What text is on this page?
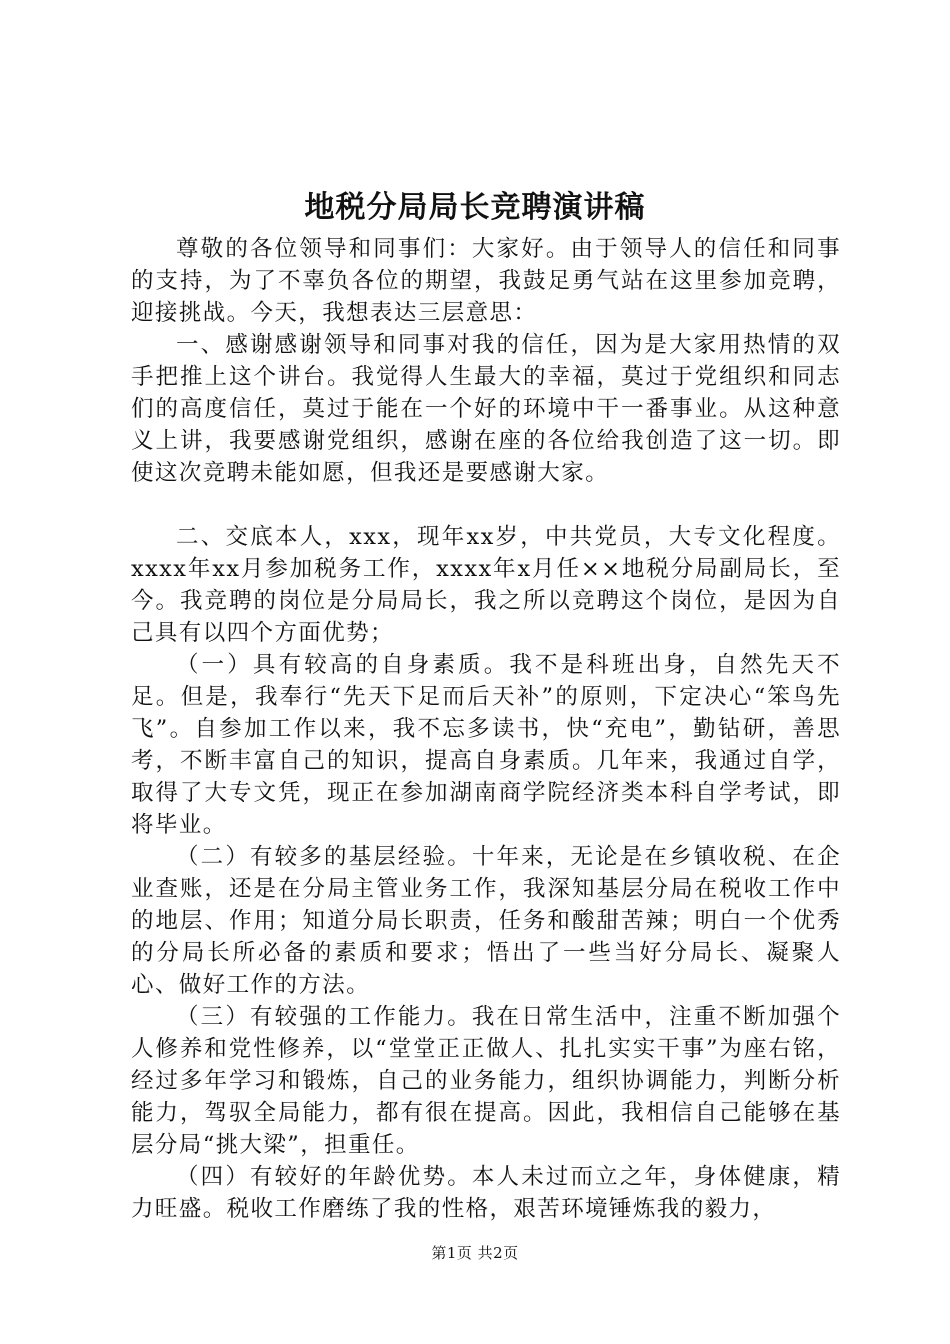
地税分局局长竞聘演讲稿

尊敬的各位领导和同事们：大家好。由于领导人的信任和同事的支持，为了不辜负各位的期望，我鼓足勇气站在这里参加竞聘，迎接挑战。今天，我想表达三层意思：

一、感谢感谢领导和同事对我的信任，因为是大家用热情的双手把推上这个讲台。我觉得人生最大的幸福，莫过于党组织和同志们的高度信任，莫过于能在一个好的环境中干一番事业。从这种意义上讲，我要感谢党组织，感谢在座的各位给我创造了这一切。即使这次竞聘未能如愿，但我还是要感谢大家。

二、交底本人，xxx，现年xx岁，中共党员，大专文化程度。xxxx年xx月参加税务工作，xxxx年x月任××地税分局副局长，至今。我竞聘的岗位是分局局长，我之所以竞聘这个岗位，是因为自己具有以四个方面优势；

（一）具有较高的自身素质。我不是科班出身，自然先天不足。但是，我奉行“先天下足而后天补”的原则，下定决心“笨鸟先飞”。自参加工作以来，我不忘多读书，快“充电”，勤钻研，善思考，不断丰富自己的知识，提高自身素质。几年来，我通过自学，取得了大专文凭，现正在参加湖南商学院经济类本科自学考试，即将毕业。

（二）有较多的基层经验。十年来，无论是在乡镇收税、在企业查账，还是在分局主管业务工作，我深知基层分局在税收工作中的地层、作用；知道分局长职责，任务和酸甜苦辣；明白一个优秀的分局长所必备的素质和要求；悟出了一些当好分局长、凝聚人心、做好工作的方法。

（三）有较强的工作能力。我在日常生活中，注重不断加强个人修养和党性修养，以“堂堂正正做人、扎扎实实干事”为座右铭，经过多年学习和锻炼，自己的业务能力，组织协调能力，判断分析能力，驾驭全局能力，都有很在提高。因此，我相信自己能够在基层分局“挑大梁”，担重任。

（四）有较好的年龄优势。本人未过而立之年，身体健康，精力旺盛。税收工作磨练了我的性格，艰苦环境锤炼我的毅力，

第1页 共2页
